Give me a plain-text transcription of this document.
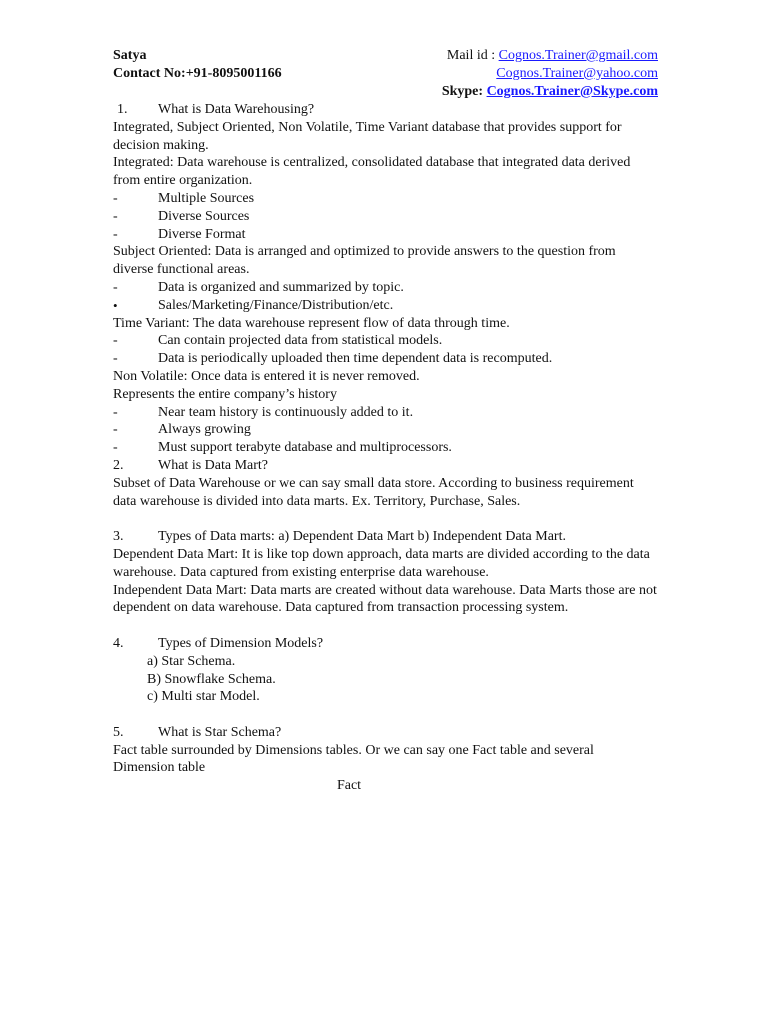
Satya
Contact No:+91-8095001166
Mail id : Cognos.Trainer@gmail.com
Cognos.Trainer@yahoo.com
Skype: Cognos.Trainer@Skype.com
1.	What is Data Warehousing?
Integrated, Subject Oriented, Non Volatile, Time Variant database that provides support for decision making.
Integrated: Data warehouse is centralized, consolidated database that integrated data derived from entire organization.
-	Multiple Sources
-	Diverse Sources
-	Diverse Format
Subject Oriented: Data is arranged and optimized to provide answers to the question from diverse functional areas.
-	Data is organized and summarized by topic.
•	Sales/Marketing/Finance/Distribution/etc.
Time Variant: The data warehouse represent flow of data through time.
-	Can contain projected data from statistical models.
-	Data is periodically uploaded then time dependent data is recomputed.
Non Volatile: Once data is entered it is never removed.
Represents the entire company’s history
-	Near team history is continuously added to it.
-	Always growing
-	Must support terabyte database and multiprocessors.
2.	What is Data Mart?
Subset of Data Warehouse or we can say small data store. According to business requirement data warehouse is divided into data marts. Ex. Territory, Purchase, Sales.
3.	Types of Data marts: a) Dependent Data Mart b) Independent Data Mart.
Dependent Data Mart: It is like top down approach, data marts are divided according to the data warehouse. Data captured from existing enterprise data warehouse.
Independent Data Mart: Data marts are created without data warehouse. Data Marts those are not dependent on data warehouse. Data captured from transaction processing system.
4.	Types of Dimension Models?
a) Star Schema.
B) Snowflake Schema.
c) Multi star Model.
5.	What is Star Schema?
Fact table surrounded by Dimensions tables. Or we can say one Fact table and several Dimension table
Fact
